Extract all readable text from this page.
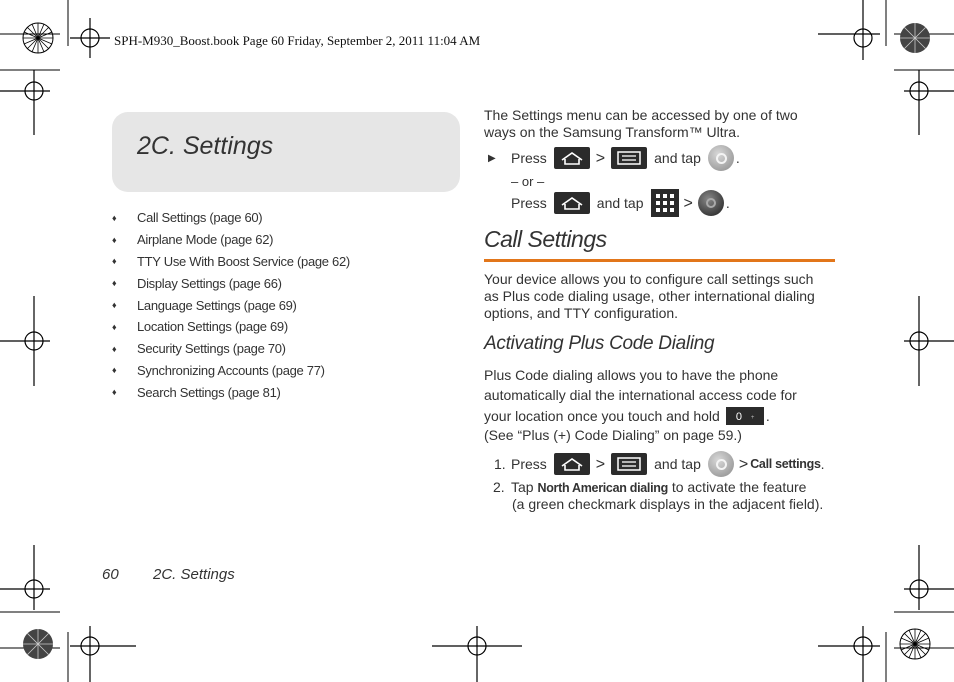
SPH-M930_Boost.book Page 60 Friday, September 2, 2011 11:04 AM
2C. Settings
♦	Call Settings (page 60)
♦	Airplane Mode (page 62)
♦	TTY Use With Boost Service (page 62)
♦	Display Settings (page 66)
♦	Language Settings (page 69)
♦	Location Settings (page 69)
♦	Security Settings (page 70)
♦	Synchronizing Accounts (page 77)
♦	Search Settings (page 81)
The Settings menu can be accessed by one of two
ways on the Samsung Transform™ Ultra.
▶	Press	>	and tap	.
– or –
Press	and tap	> .
Call Settings
Your device allows you to configure call settings such
as Plus code dialing usage, other international dialing
options, and TTY configuration.
Activating Plus Code Dialing
Plus Code dialing allows you to have the phone
automatically dial the international access code for
your location once you touch and hold 0 + .
(See “Plus (+) Code Dialing” on page 59.)
1. Press	>	and tap > Call settings .
2. Tap North American dialing to activate the feature
(a green checkmark displays in the adjacent field).
60 2C. Settings
